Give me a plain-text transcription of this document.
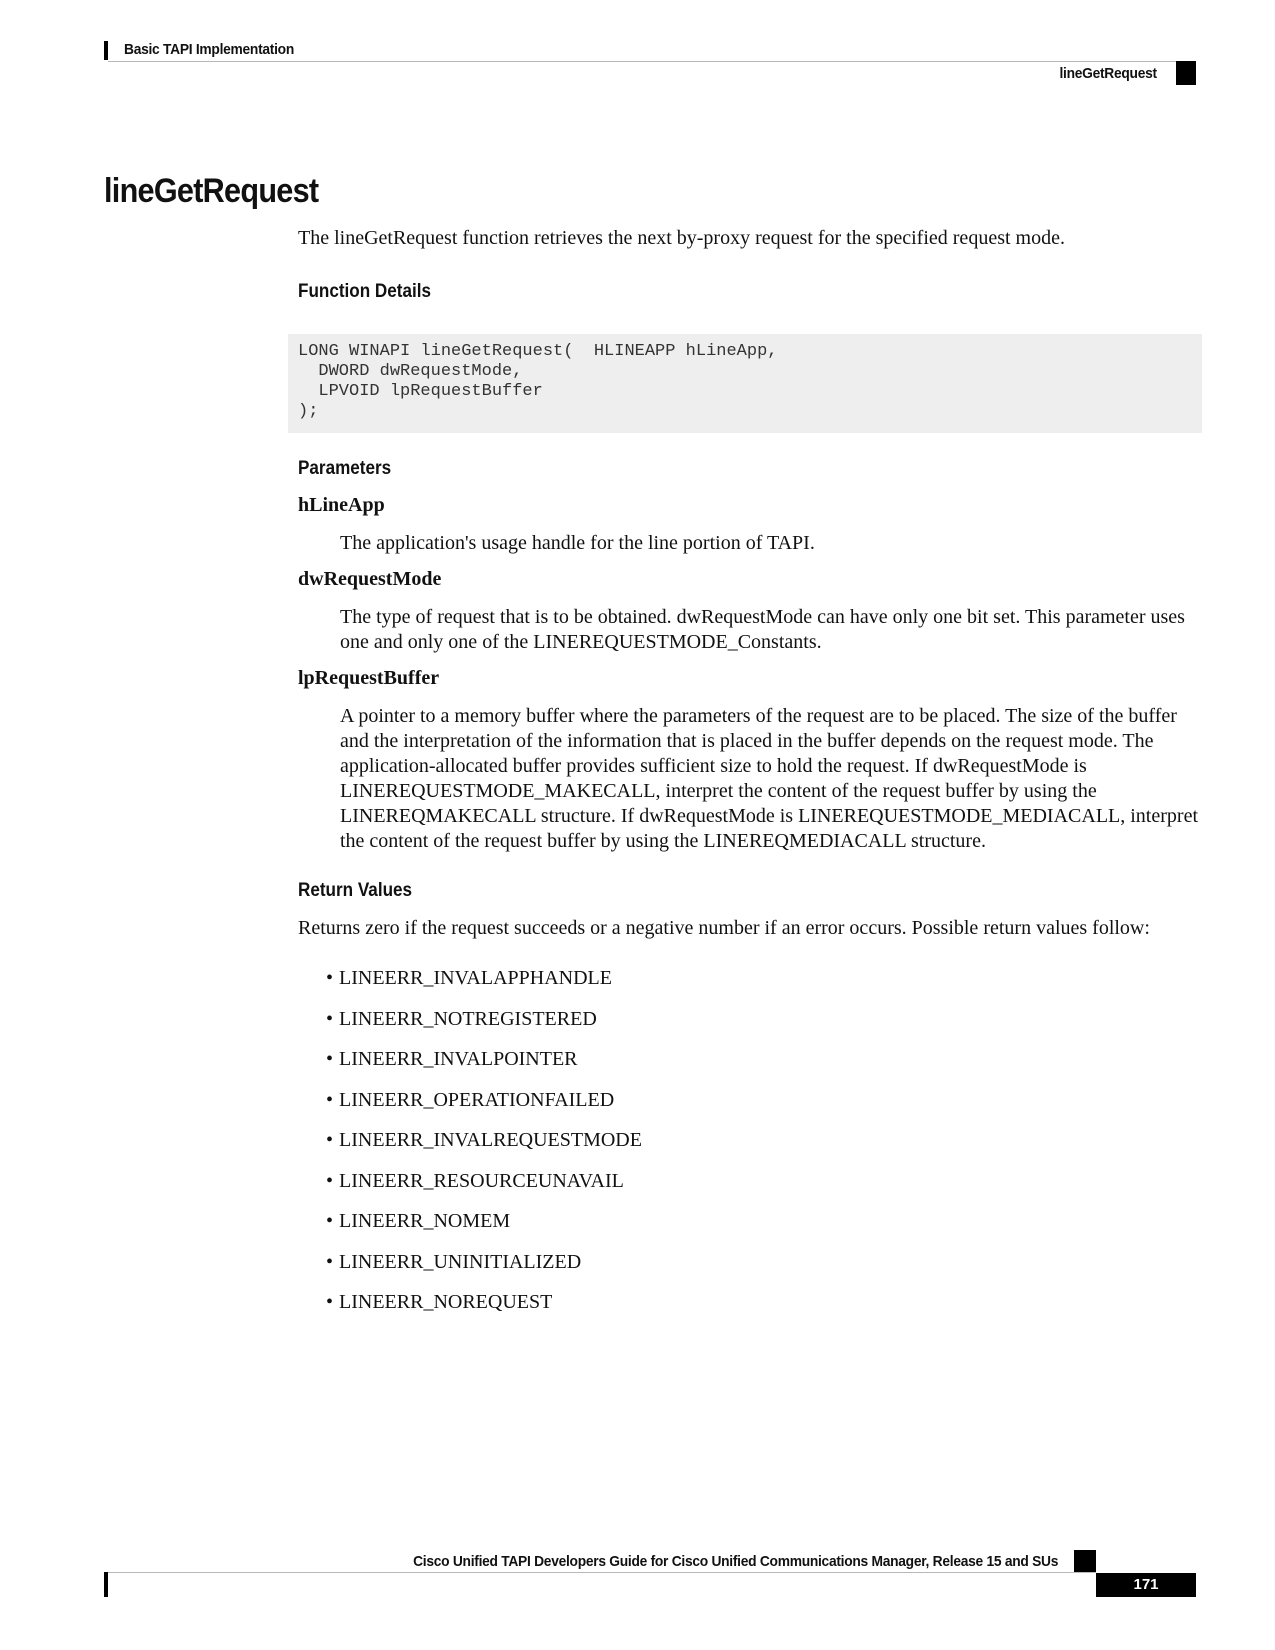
Basic TAPI Implementation
lineGetRequest
lineGetRequest

The lineGetRequest function retrieves the next by-proxy request for the specified request mode.

Function Details
LONG WINAPI lineGetRequest(  HLINEAPP hLineApp,
DWORD dwRequestMode,
LPVOID lpRequestBuffer
);
Parameters
hLineApp

The application's usage handle for the line portion of TAPI.

dwRequestMode

The type of request that is to be obtained. dwRequestMode can have only one bit set. This parameter uses one and only one of the LINEREQUESTMODE_Constants.

lpRequestBuffer

A pointer to a memory buffer where the parameters of the request are to be placed. The size of the buffer and the interpretation of the information that is placed in the buffer depends on the request mode. The application-allocated buffer provides sufficient size to hold the request. If dwRequestMode is LINEREQUESTMODE_MAKECALL, interpret the content of the request buffer by using the LINEREQMAKECALL structure. If dwRequestMode is LINEREQUESTMODE_MEDIACALL, interpret the content of the request buffer by using the LINEREQMEDIACALL structure.

Return Values

Returns zero if the request succeeds or a negative number if an error occurs. Possible return values follow:

• LINEERR_INVALAPPHANDLE
• LINEERR_NOTREGISTERED
• LINEERR_INVALPOINTER
• LINEERR_OPERATIONFAILED
• LINEERR_INVALREQUESTMODE
• LINEERR_RESOURCEUNAVAIL
• LINEERR_NOMEM
• LINEERR_UNINITIALIZED
• LINEERR_NOREQUEST
Cisco Unified TAPI Developers Guide for Cisco Unified Communications Manager, Release 15 and SUs
171
